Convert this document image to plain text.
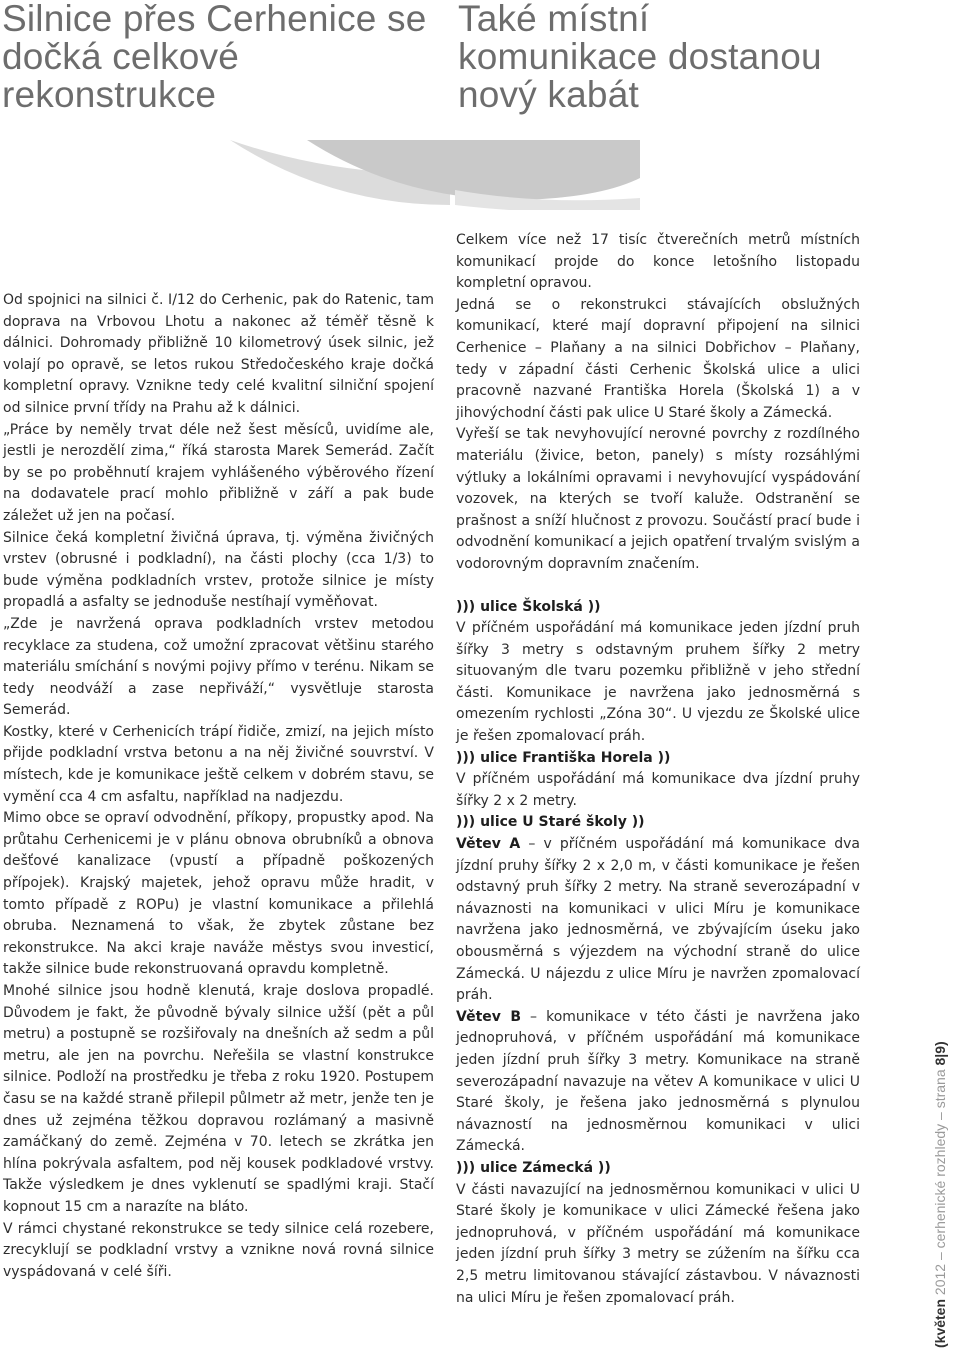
Silnice přes Cerhenice se dočká celkové rekonstrukce
Také místní komunikace dostanou nový kabát

Od spojnici na silnici č. I/12 do Cerhenic, pak do Ratenic, tam doprava na Vrbovou Lhotu a nakonec až téměř těsně k dálnici. Dohromady přibližně 10 kilometrový úsek silnic, jež volají po opravě, se letos rukou Středočeského kraje dočká kompletní opravy. Vznikne tedy celé kvalitní silniční spojení od silnice první třídy na Prahu až k dálnici.

„Práce by neměly trvat déle než šest měsíců, uvidíme ale, jestli je nerozdělí zima,“ říká starosta Marek Semerád. Začít by se po proběhnutí krajem vyhlášeného výběrového řízení na dodavatele prací mohlo přibližně v září a pak bude záležet už jen na počasí.

Silnice čeká kompletní živičná úprava, tj. výměna živičných vrstev (obrusné i podkladní), na části plochy (cca 1/3) to bude výměna podkladních vrstev, protože silnice je místy propadlá a asfalty se jednoduše nestíhají vyměňovat.

„Zde je navržená oprava podkladních vrstev metodou recyklace za studena, což umožní zpracovat většinu starého materiálu smíchání s novými pojivy přímo v terénu. Nikam se tedy neodváží a zase nepřiváží,“ vysvětluje starosta Semerád.

Kostky, které v Cerhenicích trápí řidiče, zmizí, na jejich místo přijde podkladní vrstva betonu a na něj živičné souvrství. V místech, kde je komunikace ještě celkem v dobrém stavu, se vymění cca 4 cm asfaltu, například na nadjezdu.

Mimo obce se opraví odvodnění, příkopy, propustky apod. Na průtahu Cerhenicemi je v plánu obnova obrubníků a obnova dešťové kanalizace (vpustí a případně poškozených přípojek). Krajský majetek, jehož opravu může hradit, v tomto případě z ROPu) je vlastní komunikace a přilehlá obruba. Neznamená to však, že zbytek zůstane bez rekonstrukce. Na akci kraje naváže městys svou investicí, takže silnice bude rekonstruovaná opravdu kompletně.

Mnohé silnice jsou hodně klenutá, kraje doslova propadlé. Důvodem je fakt, že původně bývaly silnice užší (pět a půl metru) a postupně se rozšiřovaly na dnešních až sedm a půl metru, ale jen na povrchu. Neřešila se vlastní konstrukce silnice. Podloží na prostředku je třeba z roku 1920. Postupem času se na každé straně přilepil půlmetr až metr, jenže ten je dnes už zejména těžkou dopravou rozlámaný a masivně zamáčkaný do země. Zejména v 70. letech se zkrátka jen hlína pokrývala asfaltem, pod něj kousek podkladové vrstvy. Takže výsledkem je dnes vyklenutí se spadlými kraji. Stačí kopnout 15 cm a narazíte na bláto.

V rámci chystané rekonstrukce se tedy silnice celá rozebere, zrecyklují se podkladní vrstvy a vznikne nová rovná silnice vyspádovaná v celé šíři.

Celkem více než 17 tisíc čtverečních metrů místních komunikací projde do konce letošního listopadu kompletní opravou.

Jedná se o rekonstrukci stávajících obslužných komunikací, které mají dopravní připojení na silnici Cerhenice – Plaňany a na silnici Dobřichov – Plaňany, tedy v západní části Cerhenic Školská ulice a ulici pracovně nazvané Františka Horela (Školská 1) a v jihovýchodní části pak ulice U Staré školy a Zámecká.

Vyřeší se tak nevyhovující nerovné povrchy z rozdílného materiálu (živice, beton, panely) s místy rozsáhlými výtluky a lokálními opravami i nevyhovující vyspádování vozovek, na kterých se tvoří kaluže. Odstranění se prašnost a sníží hlučnost z provozu. Součástí prací bude i odvodnění komunikací a jejich opatření trvalým svislým a vodorovným dopravním značením.

))) ulice Školská ))

V příčném uspořádání má komunikace jeden jízdní pruh šířky 3 metry s odstavným pruhem šířky 2 metry situovaným dle tvaru pozemku přibližně v jeho střední části. Komunikace je navržena jako jednosměrná s omezením rychlosti „Zóna 30“. U vjezdu ze Školské ulice je řešen zpomalovací práh.

))) ulice Františka Horela ))

V příčném uspořádání má komunikace dva jízdní pruhy šířky 2 x 2 metry.

))) ulice U Staré školy ))

Větev A – v příčném uspořádání má komunikace dva jízdní pruhy šířky 2 x 2,0 m, v části komunikace je řešen odstavný pruh šířky 2 metry. Na straně severozápadní v návaznosti na komunikaci v ulici Míru je komunikace navržena jako jednosměrná, ve zbývajícím úseku jako obousměrná s výjezdem na východní straně do ulice Zámecká. U nájezdu z ulice Míru je navržen zpomalovací práh.

Větev B – komunikace v této části je navržena jako jednopruhová, v příčném uspořádání má komunikace jeden jízdní pruh šířky 3 metry. Komunikace na straně severozápadní navazuje na větev A komunikace v ulici U Staré školy, je řešena jako jednosměrná s plynulou návazností na jednosměrnou komunikaci v ulici Zámecká.

))) ulice Zámecká ))

V části navazující na jednosměrnou komunikaci v ulici U Staré školy je komunikace v ulici Zámecké řešena jako jednopruhová, v příčném uspořádání má komunikace jeden jízdní pruh šířky 3 metry se zúžením na šířku cca 2,5 metru limitovanou stávající zástavbou. V návaznosti na ulici Míru je řešen zpomalovací práh.

(květen 2012 – cerhenické rozhledy – strana 8|9)
